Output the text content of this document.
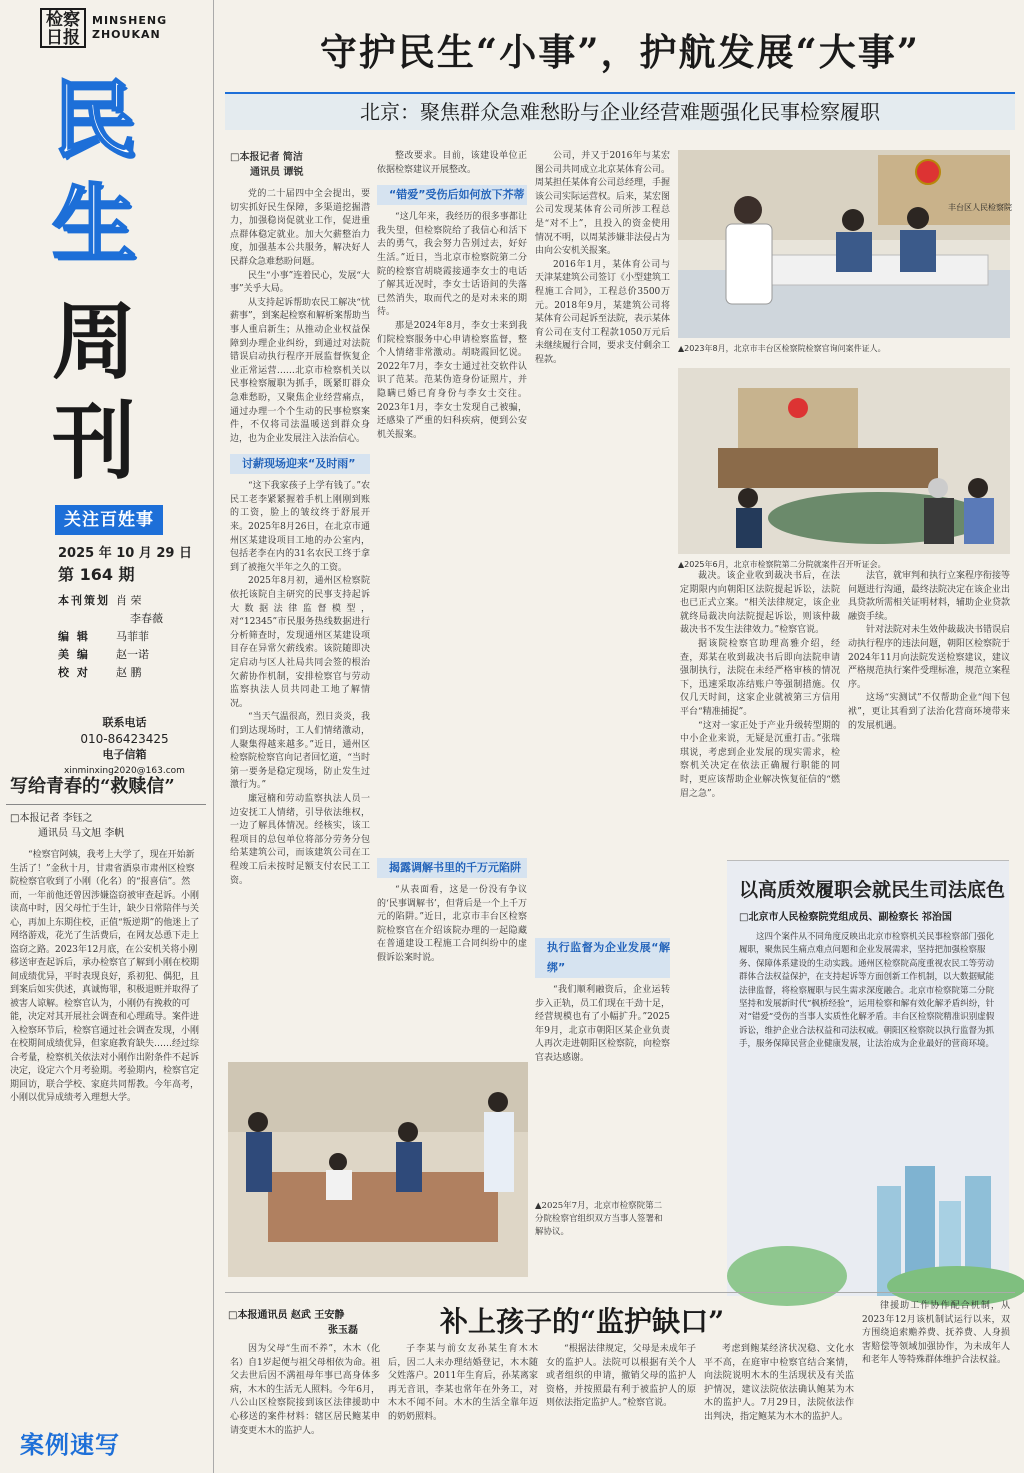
检察日报
MINSHENG
ZHOUKAN
民
生
周
刊
关注百姓事
2025 年 10 月 29 日
第 164 期
本刊策划 肖 荣
李春薇
编 辑	马菲菲
美 编	赵一诺
校 对	赵 鹏
联系电话
010-86423425
电子信箱
xinminxing2020@163.com
写给青春的“救赎信”
□本报记者 李钰之
通讯员 马文旭 李帆
“检察官阿姨，我考上大学了，现在开始新生活了！”金秋十月，甘肃省酒泉市肃州区检察院检察官收到了小刚（化名）的“报喜信”。然而，一年前他还曾因涉嫌盗窃被审查起诉。小刚读高中时，因父母忙于生计，缺少日常陪伴与关心，再加上东期住校，正值“叛逆期”的他迷上了网络游戏，花光了生活费后，在网友怂恿下走上盗窃之路。2023年12月底，在公安机关将小刚移送审查起诉后，承办检察官了解到小刚在校期间成绩优异，平时表现良好，系初犯、偶犯，且到案后如实供述，真诚悔罪，积极退赃并取得了被害人谅解。检察官认为，小刚仍有挽救的可能，决定对其开展社会调查和心理疏导。案件进入检察环节后，检察官通过社会调查发现，小刚在校期间成绩优异，但家庭教育缺失……经过综合考量，检察机关依法对小刚作出附条件不起诉决定，设定六个月考验期。考验期内，检察官定期回访，联合学校、家庭共同帮教。今年高考，小刚以优异成绩考入理想大学。
案例速写
守护民生“小事”，护航发展“大事”
北京：聚焦群众急难愁盼与企业经营难题强化民事检察履职
□本报记者 简洁
通讯员 谭锐

党的二十届四中全会提出，要切实抓好民生保障，多渠道挖掘潜力，加强稳岗促就业工作，促进重点群体稳定就业。加大欠薪整治力度，加强基本公共服务，解决好人民群众急难愁盼问题。

民生“小事”连着民心，发展“大事”关乎大局。

从支持起诉帮助农民工解决“忧薪事”，到案起检察和解析案帮助当事人重启新生；从推动企业权益保障到办理企业纠纷，到通过对法院错误启动执行程序开展监督恢复企业正常运营……北京市检察机关以民事检察履职为抓手，既紧盯群众急难愁盼，又聚焦企业经营痛点，通过办理一个个生动的民事检察案件，不仅将司法温暖送到群众身边，也为企业发展注入法治信心。

讨薪现场迎来“及时雨”

“这下我家孩子上学有钱了。”农民工老李紧紧握着手机上刚刚到账的工资，脸上的皱纹终于舒展开来。2025年8月26日，在北京市通州区某建设项目工地的办公室内，包括老李在内的31名农民工终于拿到了被拖欠半年之久的工资。

2025年8月初，通州区检察院依托该院自主研究的民事支持起诉大数据法律监督模型，对“12345”市民服务热线数据进行分析筛查时，发现通州区某建设项目存在异常欠薪线索。该院随即决定启动与区人社局共同会签的根治欠薪协作机制，安排检察官与劳动监察执法人员共同赴工地了解情况。

“当天气温很高，烈日炎炎，我们到达现场时，工人们情绪激动，人聚集得越来越多。”近日，通州区检察院检察官向记者回忆道，“当时第一要务是稳定现场，防止发生过激行为。”

廉冠楠和劳动监察执法人员一边安抚工人情绪，引导依法维权，一边了解具体情况。经核实，该工程项目的总包单位将部分劳务分包给某建筑公司，而该建筑公司在工程竣工后未按时足额支付农民工工资。

整改要求。目前，该建设单位正依据检察建议开展整改。

“错爱”受伤后如何放下芥蒂

“这几年来，我经历的很多事都让我失望，但检察院给了我信心和活下去的勇气，我会努力告别过去，好好生活。”近日，当北京市检察院第二分院的检察官胡晓霞接通李女士的电话了解其近况时，李女士话语间的失落已然消失，取而代之的是对未来的期待。

那是2024年8月，李女士来到我们院检察服务中心申请检察监督，整个人情绪非常激动。胡晓霞回忆说。2022年7月，李女士通过社交软件认识了范某。范某伪造身份证照片，并隐瞒已婚已育身份与李女士交往。2023年1月，李女士发现自己被骗，还感染了严重的妇科疾病，便到公安机关报案。

揭露调解书里的千万元陷阱

“从表面看，这是一份没有争议的‘民事调解书’，但背后是一个上千万元的陷阱。”近日，北京市丰台区检察院检察官在介绍该院办理的一起隐藏在普通建设工程施工合同纠纷中的虚假诉讼案时说。

公司，并又于2016年与某宏图公司共同成立北京某体育公司。周某担任某体育公司总经理，手握该公司实际运营权。后来，某宏图公司发现某体育公司所涉工程总是“对不上”，且投入的资金使用情况不明，以周某涉嫌非法侵占为由向公安机关报案。

2016年1月，某体育公司与天津某建筑公司签订《小型建筑工程施工合同》，工程总价3500万元。2018年9月，某建筑公司将某体育公司起诉至法院，表示某体育公司在支付工程款1050万元后未继续履行合同，要求支付剩余工程款。

执行监督为企业发展“解绑”

“我们顺利融资后，企业运转步入正轨，员工们现在干劲十足，经营规模也有了小幅扩升。”2025年9月，北京市朝阳区某企业负责人再次走进朝阳区检察院，向检察官表达感谢。

裁决。该企业收到裁决书后，在法定期限内向朝阳区法院提起诉讼，法院也已正式立案。“相关法律规定，该企业就终局裁决向法院提起诉讼，则该仲裁裁决书不发生法律效力。”检察官说。

据该院检察官助理高雅介绍，经查，郑某在收到裁决书后即向法院申请强制执行，法院在未经严格审核的情况下，迅速采取冻结账户等强制措施。仅仅几天时间，这家企业就被第三方信用平台“精准捕捉”。

“这对一家正处于产业升级转型期的中小企业来说，无疑是沉重打击。”张瑞琪说，考虑到企业发展的现实需求，检察机关决定在依法正确履行职能的同时，更应该帮助企业解决恢复征信的“燃眉之急”。

法官，就审判和执行立案程序衔接等问题进行沟通，最终法院决定在该企业出具贷款所需相关证明材料，辅助企业贷款融资手续。

针对法院对未生效仲裁裁决书错误启动执行程序的违法问题，朝阳区检察院于2024年11月向法院发送检察建议，建议严格规范执行案件受理标准，规范立案程序。

这场“实测试”不仅帮助企业“闯下包袱”，更让其看到了法治化营商环境带来的发展机遇。

丰台区人民检察院
▲2023年8月，北京市丰台区检察院检察官询问案件证人。
▲2025年6月，北京市检察院第二分院就案件召开听证会。
▲2025年7月，北京市检察院第二分院检察官组织双方当事人签署和解协议。
以高质效履职会就民生司法底色
□北京市人民检察院党组成员、副检察长 祁治国
这四个案件从不同角度反映出北京市检察机关民事检察部门强化履职，聚焦民生痛点难点问题和企业发展需求，坚持把加强检察服务、保障体系建设的生动实践。通州区检察院高度重视农民工等劳动群体合法权益保护，在支持起诉等方面创新工作机制，以大数据赋能法律监督，将检察履职与民生需求深度融合。北京市检察院第二分院坚持和发展新时代“枫桥经验”，运用检察和解有效化解矛盾纠纷，针对“错爱”受伤的当事人实质性化解矛盾。丰台区检察院精准识别虚假诉讼，维护企业合法权益和司法权威。朝阳区检察院以执行监督为抓手，服务保障民营企业健康发展，让法治成为企业最好的营商环境。
补上孩子的“监护缺口”
□本报通讯员 赵武 王安静
张玉磊

因为父母“生而不养”，木木（化名）自1岁起便与祖父母相依为命。祖父去世后因不满祖母年事已高身体多病，木木的生活无人照料。今年6月，八公山区检察院接到该区法律援助中心移送的案件材料：辖区居民鲍某申请变更木木的监护人。

子李某与前女友孙某生育木木后，因二人未办理结婚登记，木木随父姓落户。2011年生育后，孙某离家再无音讯，李某也常年在外务工，对木木不闻不问。木木的生活全靠年迈的奶奶照料。

“根据法律规定，父母是未成年子女的监护人。法院可以根据有关个人或者组织的申请，撤销父母的监护人资格，并按照最有利于被监护人的原则依法指定监护人。”检察官说。

考虑到鲍某经济状况稳、文化水平不高，在庭审中检察官结合案情，向法院说明木木的生活现状及有关监护情况，建议法院依法确认鲍某为木木的监护人。7月29日，法院依法作出判决，指定鲍某为木木的监护人。

律援助工作协作配合机制，从2023年12月该机制试运行以来，双方围绕追索赡养费、抚养费、人身损害赔偿等领域加强协作，为未成年人和老年人等特殊群体维护合法权益。
